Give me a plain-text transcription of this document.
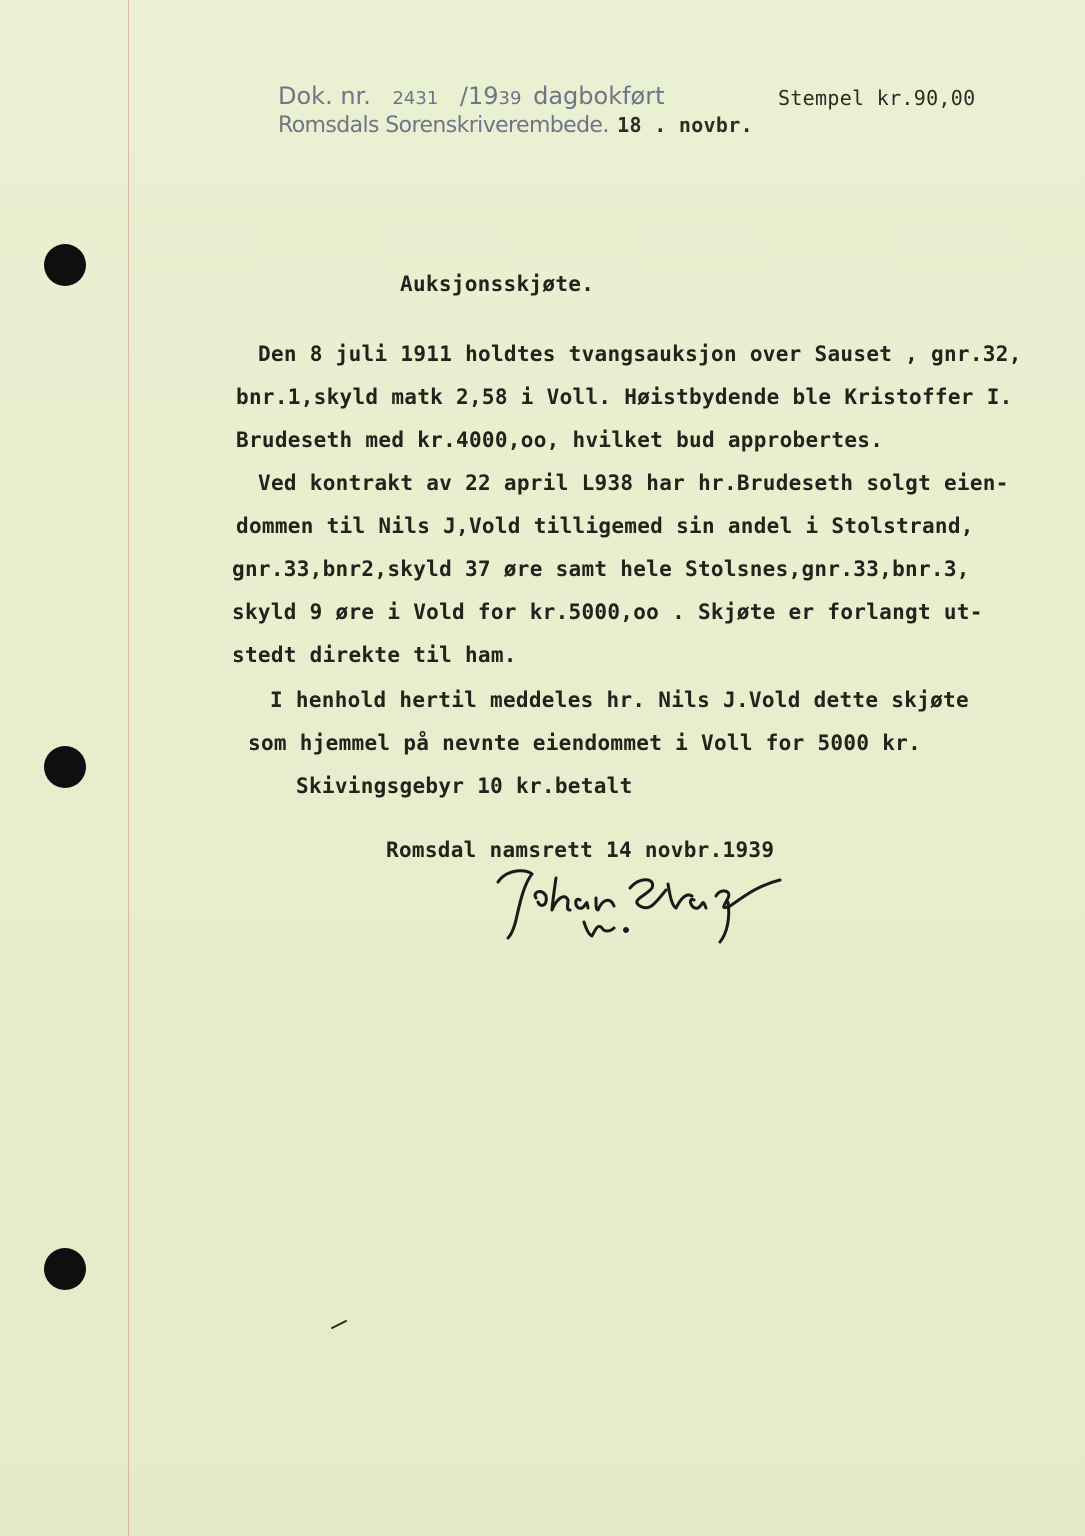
Dok. nr. 2431 /1939 dagbokført
Romsdals Sorenskriverembede. 18 . novbr.
Stempel kr.90,00
Auksjonsskjøte.
Den 8 juli 1911 holdtes tvangsauksjon over Sauset , gnr.32,
bnr.1,skyld matk 2,58 i Voll. Høistbydende ble Kristoffer I.
Brudeseth med kr.4000,oo, hvilket bud approbertes.
Ved kontrakt av 22 april L938 har hr.Brudeseth solgt eien-
dommen til Nils J,Vold tilligemed sin andel i Stolstrand,
gnr.33,bnr2,skyld 37 øre samt hele Stolsnes,gnr.33,bnr.3,
skyld 9 øre i Vold for kr.5000,oo . Skjøte er forlangt ut-
stedt direkte til ham.
I henhold hertil meddeles hr. Nils J.Vold dette skjøte
som hjemmel på nevnte eiendommet i Voll for 5000 kr.
Skivingsgebyr 10 kr.betalt
Romsdal namsrett 14 novbr.1939
